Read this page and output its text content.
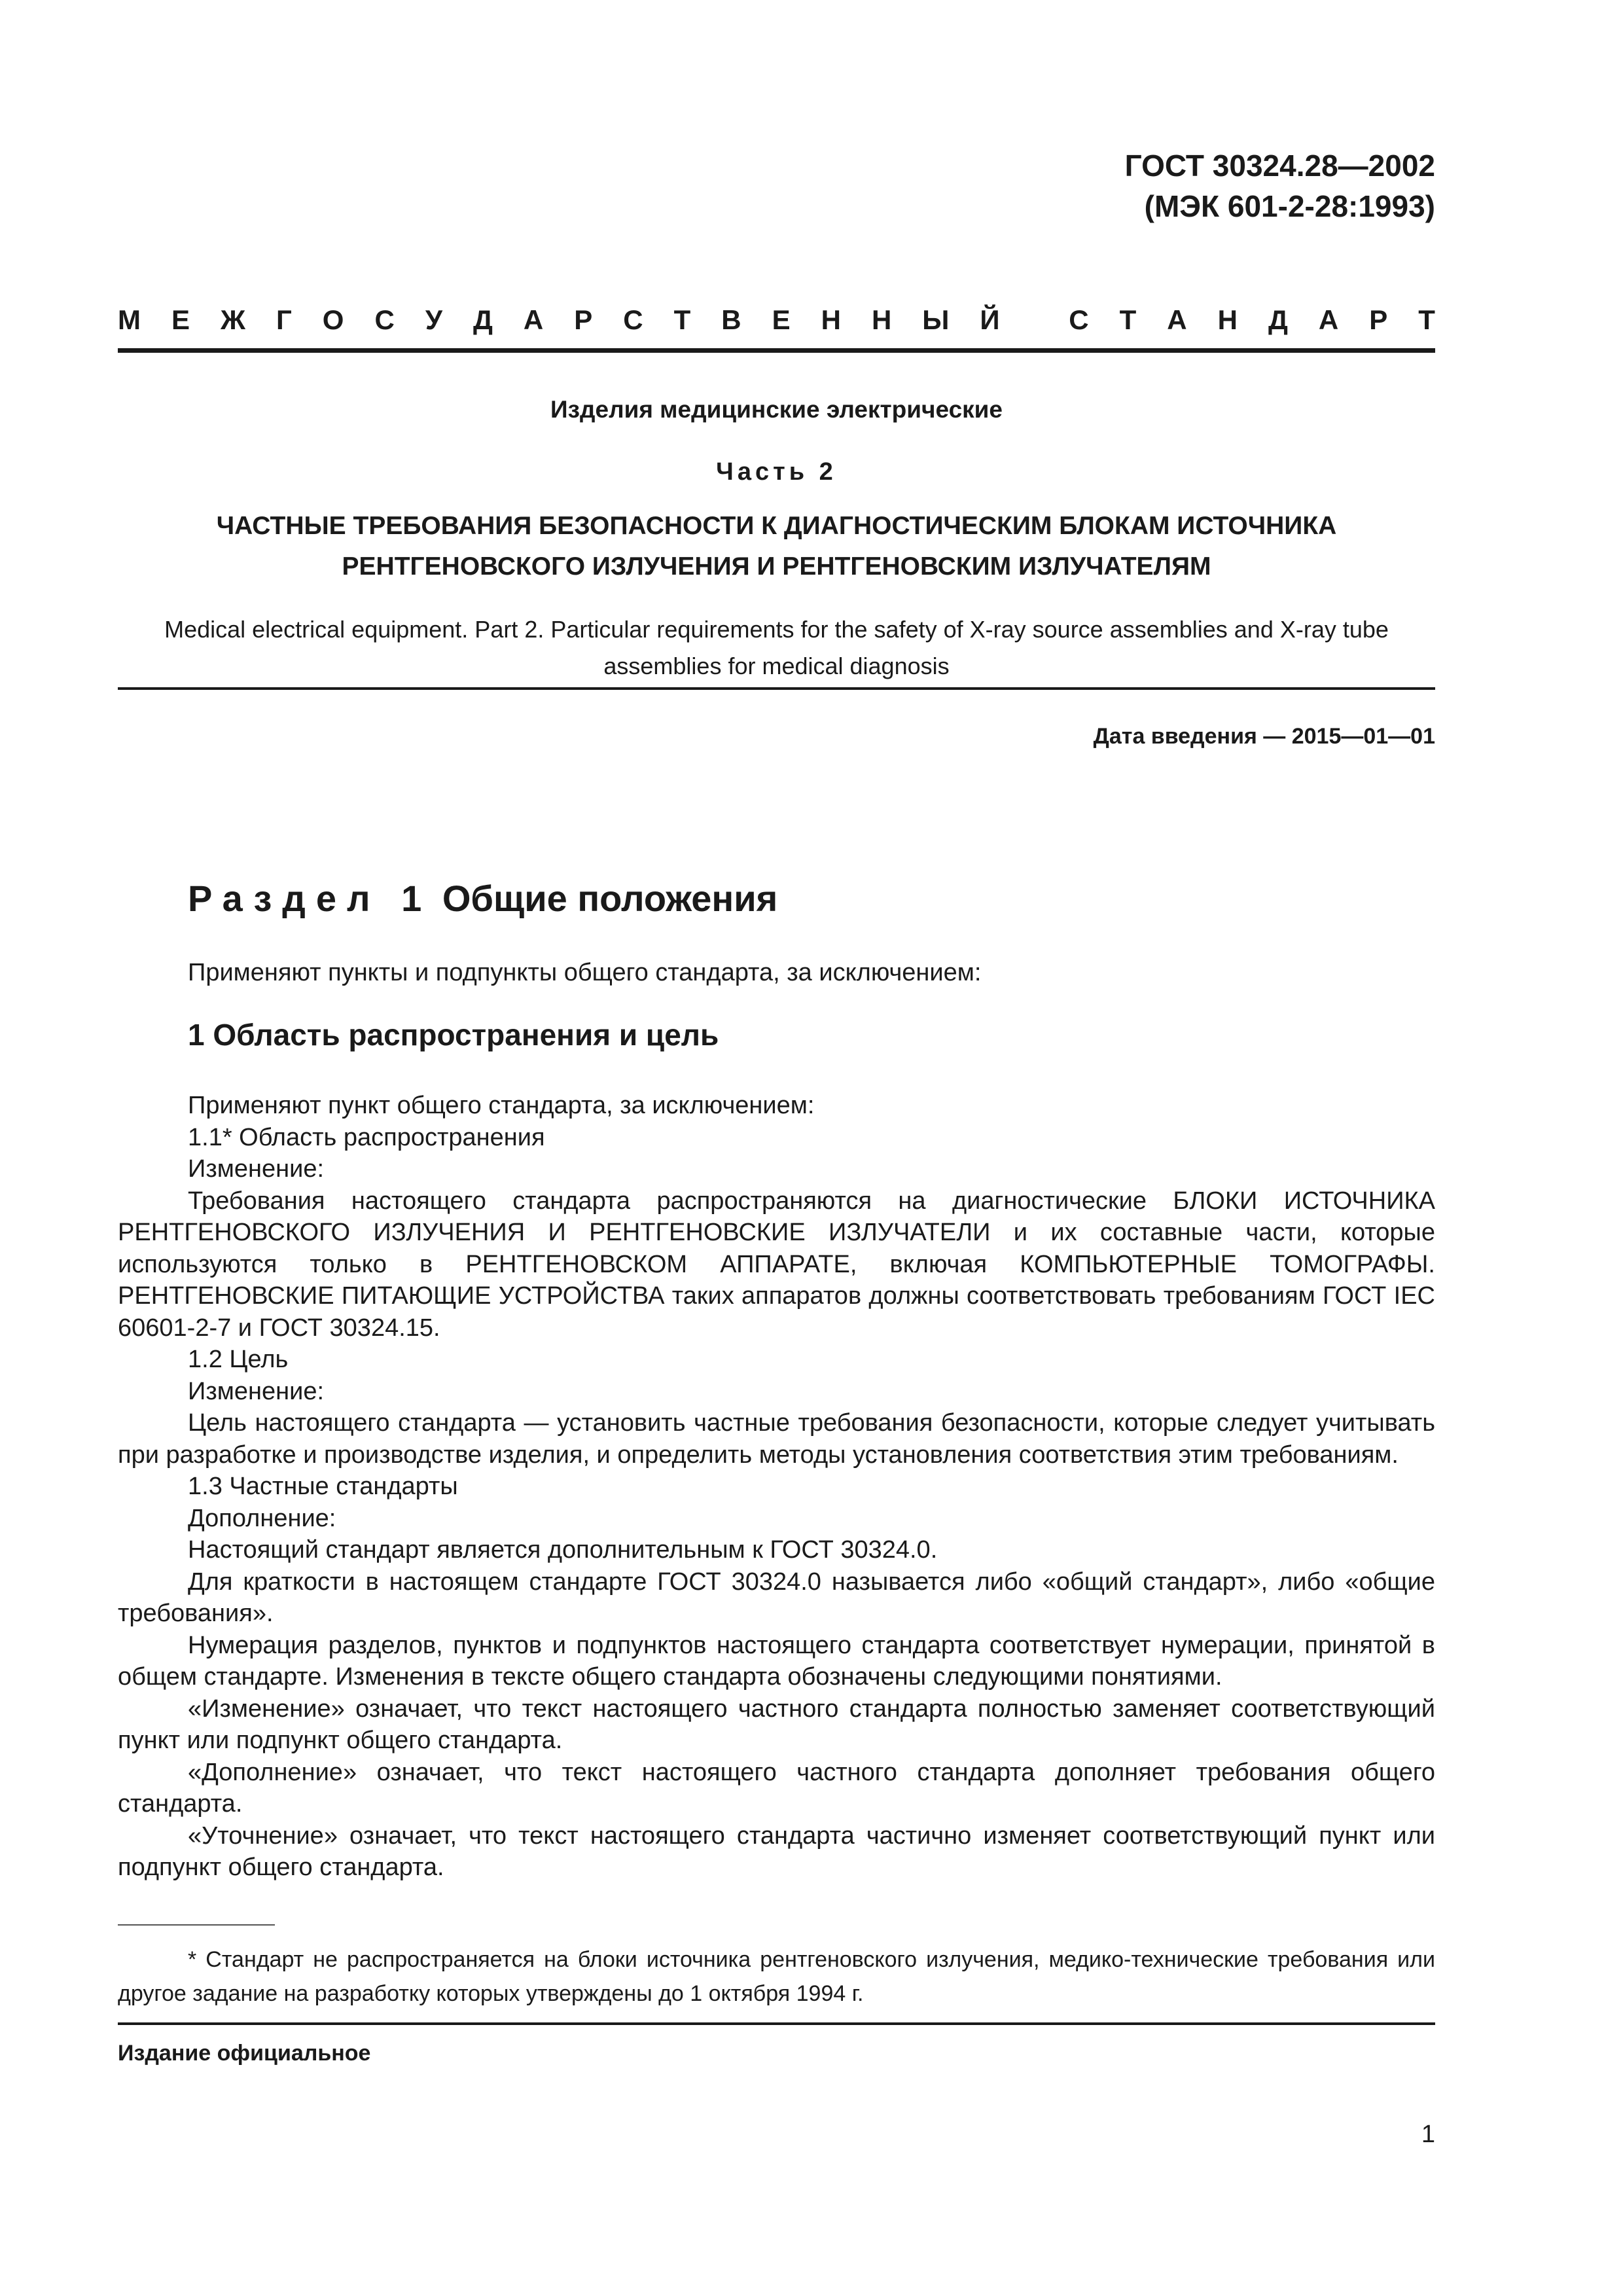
ГОСТ 30324.28—2002
(МЭК 601-2-28:1993)
М Е Ж Г О С У Д А Р С Т В Е Н Н Ы Й
	С Т А Н Д А Р Т
Изделия медицинские электрические
Часть 2
ЧАСТНЫЕ ТРЕБОВАНИЯ БЕЗОПАСНОСТИ К ДИАГНОСТИЧЕСКИМ БЛОКАМ ИСТОЧНИКА
РЕНТГЕНОВСКОГО ИЗЛУЧЕНИЯ И РЕНТГЕНОВСКИМ ИЗЛУЧАТЕЛЯМ
Medical electrical equipment. Part 2. Particular requirements for the safety of X-ray source assemblies and X-ray tube
assemblies for medical diagnosis
Дата введения — 2015—01—01
Раздел 1 Общие положения
Применяют пункты и подпункты общего стандарта, за исключением:
1 Область распространения и цель

Применяют пункт общего стандарта, за исключением:

1.1* Область распространения

Изменение:

Требования настоящего стандарта распространяются на диагностические БЛОКИ ИСТОЧНИКА РЕНТГЕНОВСКОГО ИЗЛУЧЕНИЯ И РЕНТГЕНОВСКИЕ ИЗЛУЧАТЕЛИ и их составные части, которые используются только в РЕНТГЕНОВСКОМ АППАРАТЕ, включая КОМПЬЮТЕРНЫЕ ТОМОГРАФЫ. РЕНТГЕНОВСКИЕ ПИТАЮЩИЕ УСТРОЙСТВА таких аппаратов должны соответствовать требованиям ГОСТ IEC 60601-2-7 и ГОСТ 30324.15.

1.2 Цель

Изменение:

Цель настоящего стандарта — установить частные требования безопасности, которые следует учитывать при разработке и производстве изделия, и определить методы установления соответствия этим требованиям.

1.3 Частные стандарты

Дополнение:

Настоящий стандарт является дополнительным к ГОСТ 30324.0.

Для краткости в настоящем стандарте ГОСТ 30324.0 называется либо «общий стандарт», либо «общие требования».

Нумерация разделов, пунктов и подпунктов настоящего стандарта соответствует нумерации, принятой в общем стандарте. Изменения в тексте общего стандарта обозначены следующими понятиями.

«Изменение» означает, что текст настоящего частного стандарта полностью заменяет соответствующий пункт или подпункт общего стандарта.

«Дополнение» означает, что текст настоящего частного стандарта дополняет требования общего стандарта.

«Уточнение» означает, что текст настоящего стандарта частично изменяет соответствующий пункт или подпункт общего стандарта.

* Стандарт не распространяется на блоки источника рентгеновского излучения, медико-технические требования или другое задание на разработку которых утверждены до 1 октября 1994 г.
Издание официальное
1
